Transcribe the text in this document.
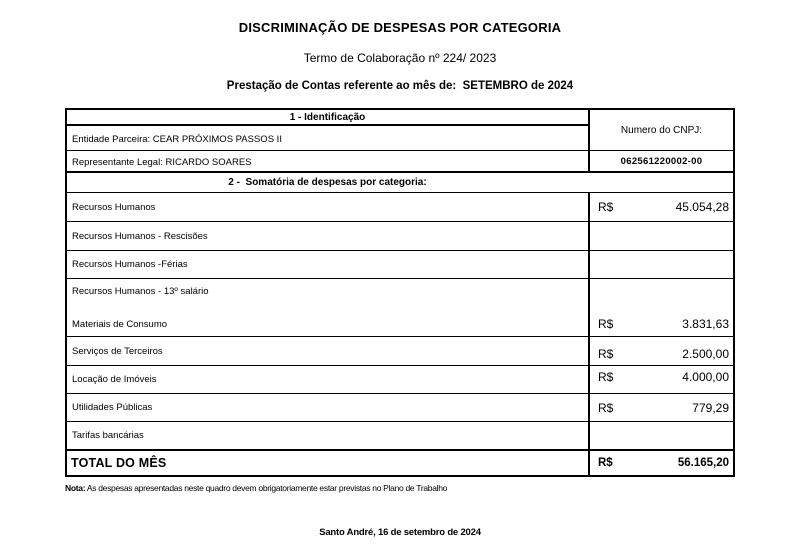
DISCRIMINAÇÃO DE DESPESAS POR CATEGORIA
Termo de Colaboração nº 224/ 2023
Prestação de Contas referente ao mês de:  SETEMBRO de 2024
1 - Identificação
Entidade Parceira: CEAR PRÓXIMOS PASSOS II
Numero do CNPJ:
Representante Legal: RICARDO SOARES	062561220002-00
2 -  Somatória de despesas por categoria:
Recursos Humanos	R$	45.054,28
Recursos Humanos - Rescisões
Recursos Humanos -Férias
Recursos Humanos - 13º salário
Materiais de Consumo	R$	3.831,63
Serviços de Terceiros	R$	2.500,00
Locação de Imóveis	R$	4.000,00
Utilidades Públicas	R$	779,29
Tarifas bancárias
TOTAL DO MÊS	R$	56.165,20
Nota: As despesas apresentadas neste quadro devem obrigatoriamente estar previstas no Plano de Trabalho
Santo André, 16 de setembro de 2024
